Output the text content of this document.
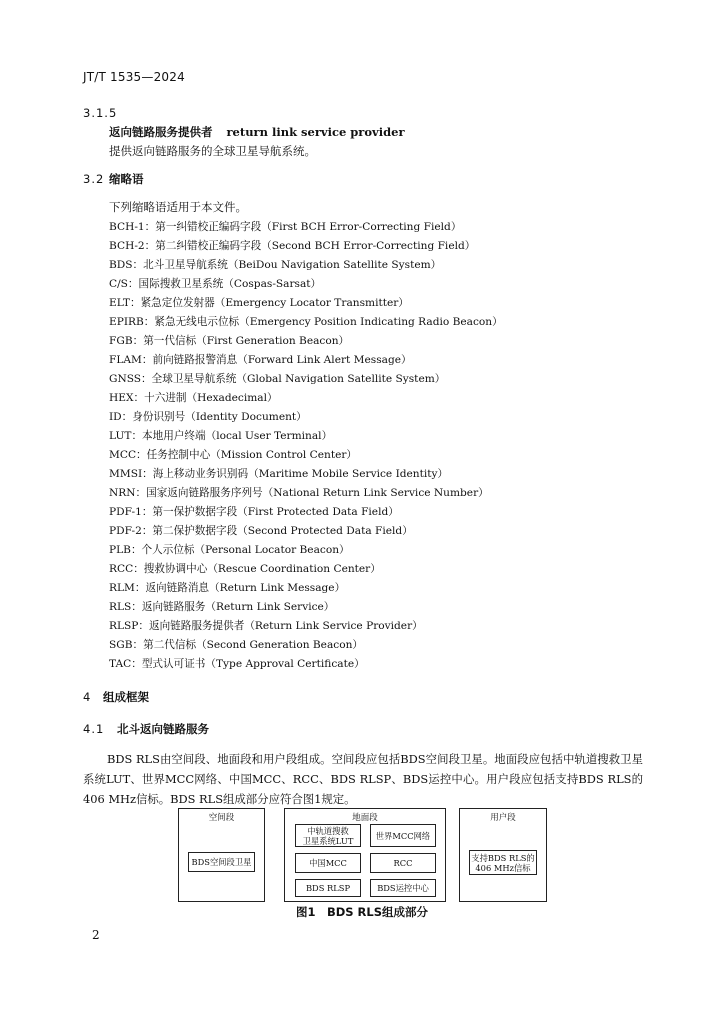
JT/T 1535—2024
3.1.5
返向链路服务提供者 return link service provider
提供返向链路服务的全球卫星导航系统。
3.2 缩略语
下列缩略语适用于本文件。
BCH-1：第一纠错校正编码字段（First BCH Error-Correcting Field）
BCH-2：第二纠错校正编码字段（Second BCH Error-Correcting Field）
BDS：北斗卫星导航系统（BeiDou Navigation Satellite System）
C/S：国际搜救卫星系统（Cospas-Sarsat）
ELT：紧急定位发射器（Emergency Locator Transmitter）
EPIRB：紧急无线电示位标（Emergency Position Indicating Radio Beacon）
FGB：第一代信标（First Generation Beacon）
FLAM：前向链路报警消息（Forward Link Alert Message）
GNSS：全球卫星导航系统（Global Navigation Satellite System）
HEX：十六进制（Hexadecimal）
ID：身份识别号（Identity Document）
LUT：本地用户终端（local User Terminal）
MCC：任务控制中心（Mission Control Center）
MMSI：海上移动业务识别码（Maritime Mobile Service Identity）
NRN：国家返向链路服务序列号（National Return Link Service Number）
PDF-1：第一保护数据字段（First Protected Data Field）
PDF-2：第二保护数据字段（Second Protected Data Field）
PLB：个人示位标（Personal Locator Beacon）
RCC：搜救协调中心（Rescue Coordination Center）
RLM：返向链路消息（Return Link Message）
RLS：返向链路服务（Return Link Service）
RLSP：返向链路服务提供者（Return Link Service Provider）
SGB：第二代信标（Second Generation Beacon）
TAC：型式认可证书（Type Approval Certificate）
4 组成框架
4.1 北斗返向链路服务
BDS RLS由空间段、地面段和用户段组成。空间段应包括BDS空间段卫星。地面段应包括中轨道搜救卫星系统LUT、世界MCC网络、中国MCC、RCC、BDS RLSP、BDS运控中心。用户段应包括支持BDS RLS的406 MHz信标。BDS RLS组成部分应符合图1规定。
空间段
BDS空间段卫星
地面段
中轨道搜救
卫星系统LUT	世界MCC网络
中国MCC	RCC
BDS RLSP	BDS运控中心
用户段
支持BDS RLS的
406 MHz信标
图1　BDS RLS组成部分
2
